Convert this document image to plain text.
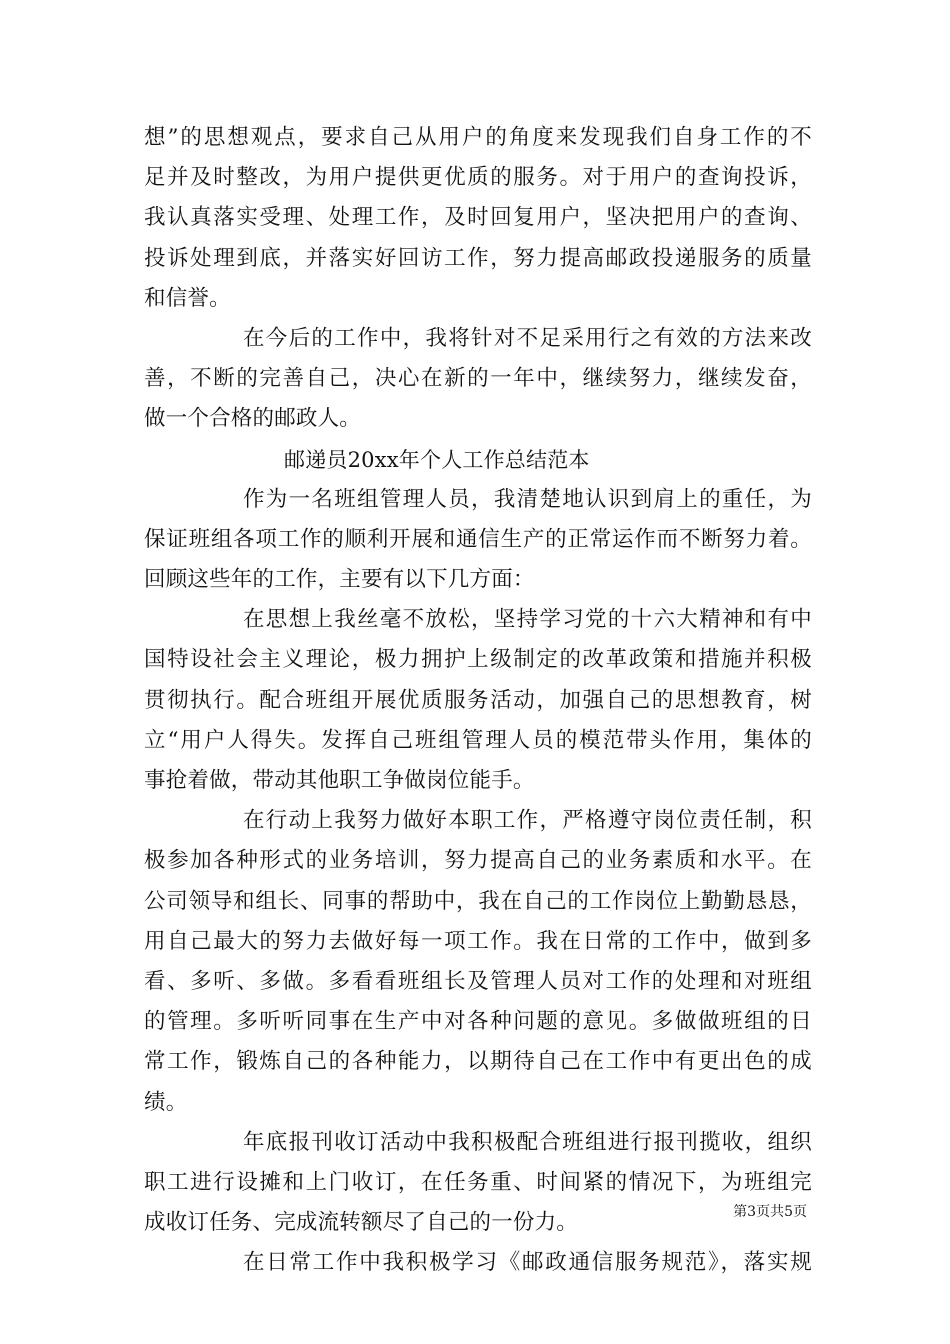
想”的思想观点，要求自己从用户的角度来发现我们自身工作的不
足并及时整改，为用户提供更优质的服务。对于用户的查询投诉，
我认真落实受理、处理工作，及时回复用户，坚决把用户的查询、
投诉处理到底，并落实好回访工作，努力提高邮政投递服务的质量
和信誉。
在今后的工作中，我将针对不足采用行之有效的方法来改
善，不断的完善自己，决心在新的一年中，继续努力，继续发奋，
做一个合格的邮政人。
邮递员20xx年个人工作总结范本
作为一名班组管理人员，我清楚地认识到肩上的重任，为
保证班组各项工作的顺利开展和通信生产的正常运作而不断努力着。
回顾这些年的工作，主要有以下几方面：
在思想上我丝毫不放松，坚持学习党的十六大精神和有中
国特设社会主义理论，极力拥护上级制定的改革政策和措施并积极
贯彻执行。配合班组开展优质服务活动，加强自己的思想教育，树
立“用户人得失。发挥自己班组管理人员的模范带头作用，集体的
事抢着做，带动其他职工争做岗位能手。
在行动上我努力做好本职工作，严格遵守岗位责任制，积
极参加各种形式的业务培训，努力提高自己的业务素质和水平。在
公司领导和组长、同事的帮助中，我在自己的工作岗位上勤勤恳恳，
用自己最大的努力去做好每一项工作。我在日常的工作中，做到多
看、多听、多做。多看看班组长及管理人员对工作的处理和对班组
的管理。多听听同事在生产中对各种问题的意见。多做做班组的日
常工作，锻炼自己的各种能力，以期待自己在工作中有更出色的成
绩。
年底报刊收订活动中我积极配合班组进行报刊揽收，组织
职工进行设摊和上门收订，在任务重、时间紧的情况下，为班组完
成收订任务、完成流转额尽了自己的一份力。
在日常工作中我积极学习《邮政通信服务规范》，落实规
第3页共5页
